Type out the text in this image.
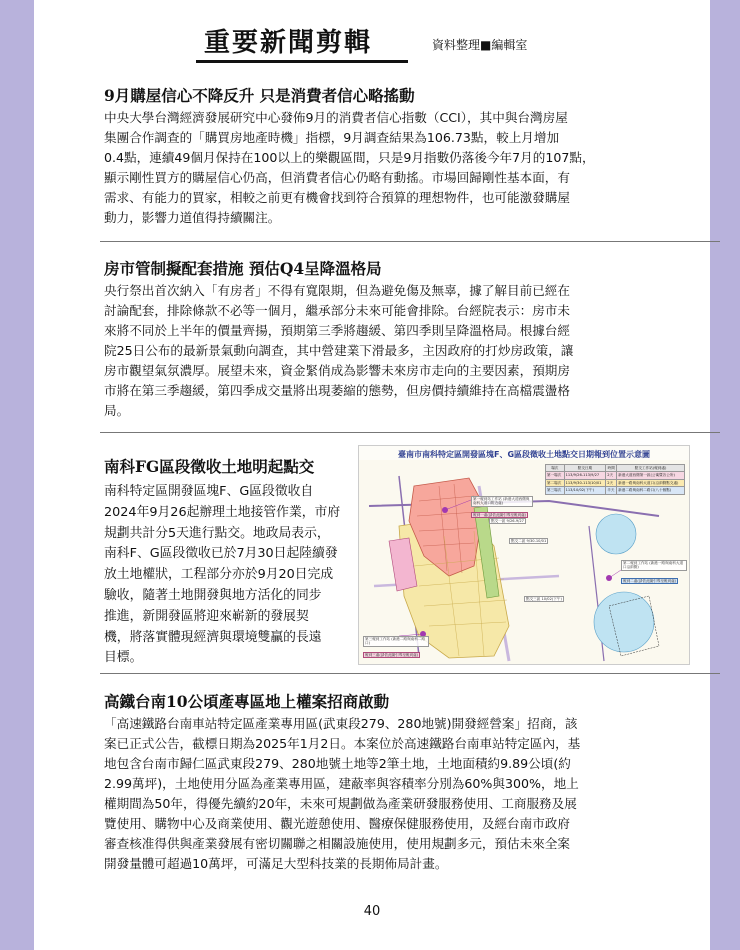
重要新聞剪輯	資料整理■編輯室
9月購屋信心不降反升 只是消費者信心略搖動
中央大學台灣經濟發展研究中心發佈9月的消費者信心指數（CCI），其中與台灣房屋
集團合作調查的「購買房地產時機」指標，9月調查結果為106.73點，較上月增加
0.4點，連續49個月保持在100以上的樂觀區間，只是9月指數仍落後今年7月的107點，
顯示剛性買方的購屋信心仍高，但消費者信心仍略有動搖。市場回歸剛性基本面，有
需求、有能力的買家，相較之前更有機會找到符合預算的理想物件，也可能激發購屋
動力，影響力道值得持續關注。
房市管制擬配套措施 預估Q4呈降溫格局
央行祭出首次納入「有房者」不得有寬限期，但為避免傷及無辜，據了解目前已經在
討論配套，排除條款不必等一個月，繼承部分未來可能會排除。台經院表示：房市未
來將不同於上半年的價量齊揚，預期第三季將趨緩、第四季則呈降溫格局。根據台經
院25日公布的最新景氣動向調查，其中營建業下滑最多，主因政府的打炒房政策，讓
房市觀望氣氛濃厚。展望未來，資金緊俏成為影響未來房市走向的主要因素，預期房
市將在第三季趨緩，第四季成交量將出現萎縮的態勢，但房價持續維持在高檔震盪格
局。
南科FG區段徵收土地明起點交
南科特定區開發區塊F、G區段徵收自
2024年9月26起辦理土地接管作業，市府
規劃共計分5天進行點交。地政局表示，
南科F、G區段徵收已於7月30日起陸續發
放土地權狀，工程部分亦於9月20日完成
驗收，隨著土地開發與地方活化的同步
推進，新開發區將迎來嶄新的發展契
機，將落實體現經濟與環境雙贏的長遠
目標。
臺南市南科特定區開發區塊F、G區段徵收土地點交日期報到位置示意圖
場次	點交日期	時間	點交工作站(報到處)
第一場次	113/9/26-113/9/27	2天	新港大道西側第一區(公寓暨各公所)
第二場次	113/9/30-113/10/01	2天	新港一路與南科大道口(沿兩側點交處)
第三場次	113/10/02(下午)	半天	新港二路與南科二路口(八十個點)
第一報到站工作站 (新港大道西側與南科大道口附近處)
點交一區 9/26-9/27
點交二區 9/30-10/01
第二報到工作站 (新港一路與南科大道口沿兩側)
點交三區 10/02(下午)
第三報到工作站 (新港二路與南科二路口)
報到一處(請依此圖引導至報到處)
報到二處(請依此圖引導至報到處)
報到三處(請依此圖引導至報到處)
高鐵台南10公頃產專區地上權案招商啟動
「高速鐵路台南車站特定區產業專用區(武東段279、280地號)開發經營案」招商，該
案已正式公告，截標日期為2025年1月2日。本案位於高速鐵路台南車站特定區內，基
地包含台南市歸仁區武東段279、280地號土地等2筆土地，土地面積約9.89公頃(約
2.99萬坪)，土地使用分區為產業專用區，建蔽率與容積率分別為60%與300%，地上
權期間為50年，得優先續約20年，未來可規劃做為產業研發服務使用、工商服務及展
覽使用、購物中心及商業使用、觀光遊憩使用、醫療保健服務使用，及經台南市政府
審查核准得供與產業發展有密切關聯之相關設施使用，使用規劃多元，預估未來全案
開發量體可超過10萬坪，可滿足大型科技業的長期佈局計畫。
40
